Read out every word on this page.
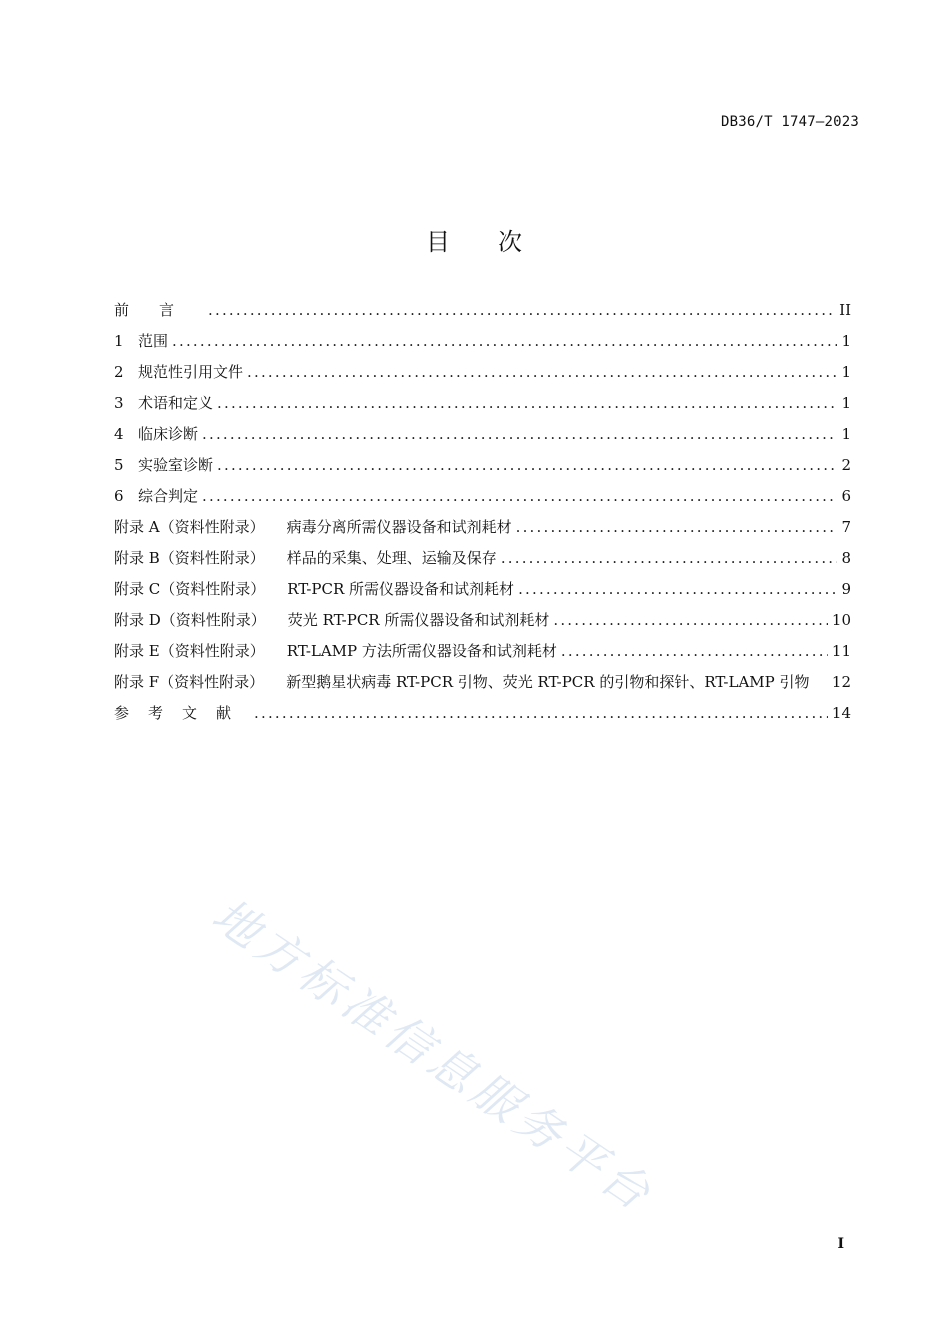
DB36/T 1747—2023
目 次
前言 .....	II
1 范围 .....	1
2 规范性引用文件 .....	1
3 术语和定义 .....	1
4 临床诊断 .....	1
5 实验室诊断 .....	2
6 综合判定 .....	6
附录 A（资料性附录） 病毒分离所需仪器设备和试剂耗材 .....	7
附录 B（资料性附录） 样品的采集、处理、运输及保存 .....	8
附录 C（资料性附录） RT-PCR 所需仪器设备和试剂耗材 .....	9
附录 D（资料性附录） 荧光 RT-PCR 所需仪器设备和试剂耗材 .....	10
附录 E（资料性附录） RT-LAMP 方法所需仪器设备和试剂耗材 .....	11
附录 F（资料性附录） 新型鹅星状病毒 RT-PCR 引物、荧光 RT-PCR 的引物和探针、RT-LAMP 引物 12
参考文献 .....	14
地方标准信息服务平台
I
